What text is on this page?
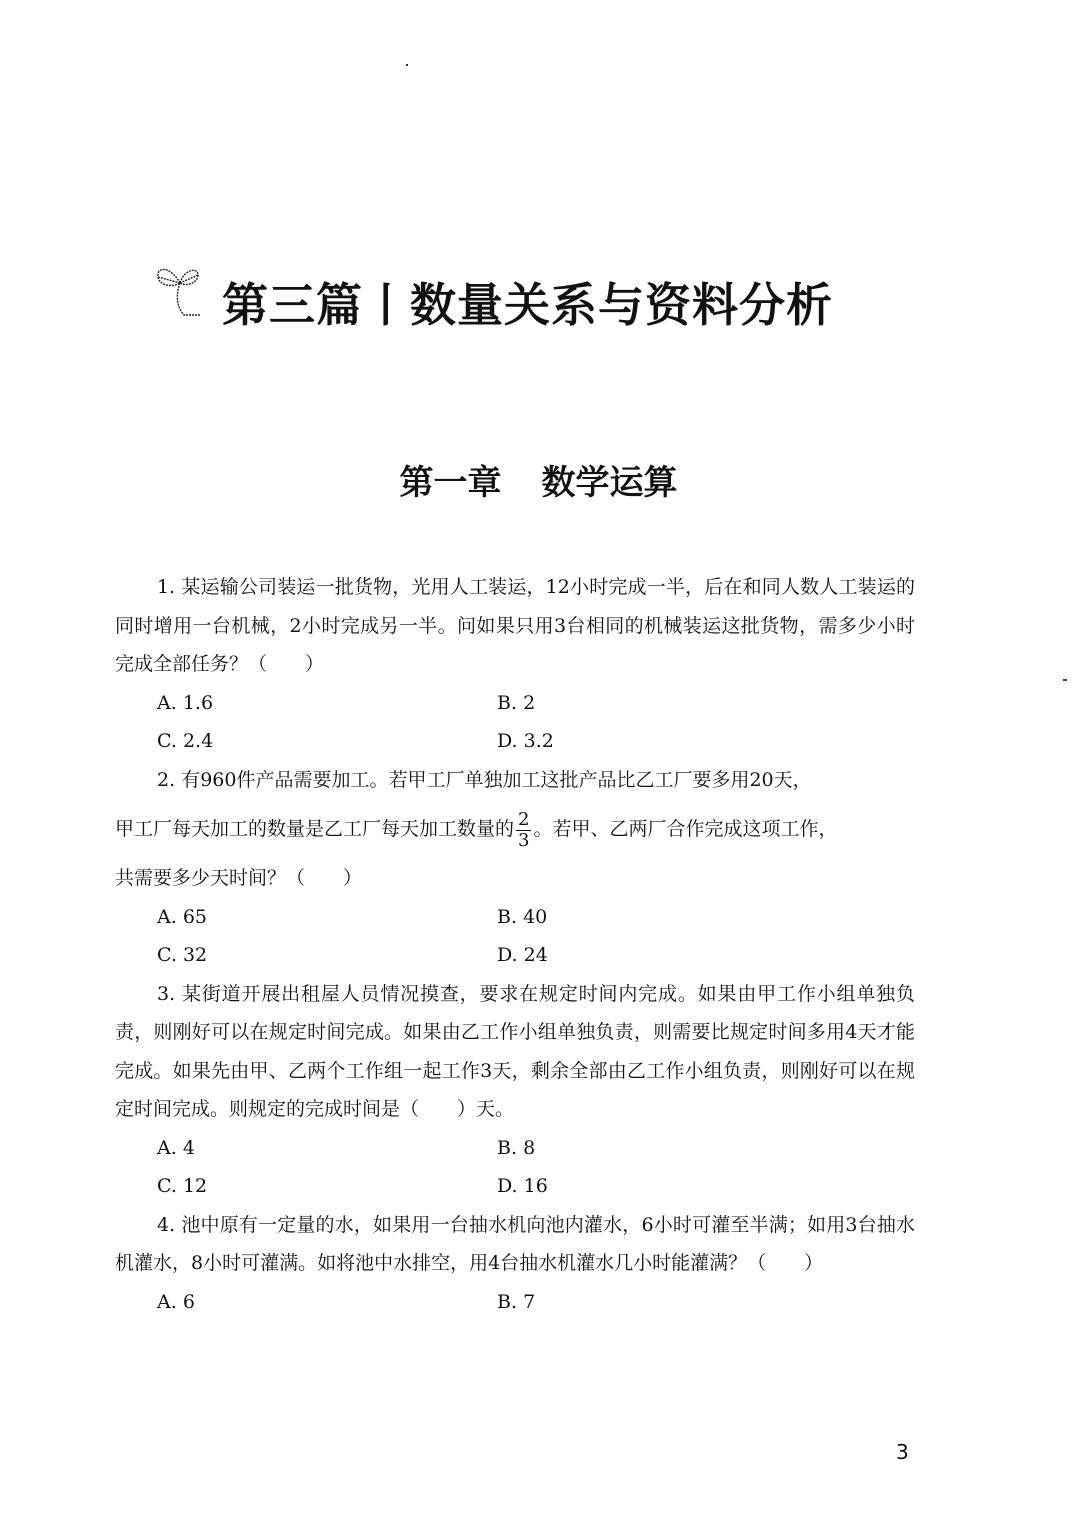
第三篇丨数量关系与资料分析
第一章 数学运算

1. 某运输公司装运一批货物，光用人工装运，12小时完成一半，后在和同人数人工装运的同时增用一台机械，2小时完成另一半。问如果只用3台相同的机械装运这批货物，需多少小时完成全部任务？（　　）

A. 1.6	B. 2
C. 2.4	D. 3.2

2. 有960件产品需要加工。若甲工厂单独加工这批产品比乙工厂要多用20天，

甲工厂每天加工的数量是乙工厂每天加工数量的 $\frac{2}{3}$ 。若甲、乙两厂合作完成这项工作，

共需要多少天时间？（　　）

A. 65	B. 40
C. 32	D. 24

3. 某街道开展出租屋人员情况摸查，要求在规定时间内完成。如果由甲工作小组单独负责，则刚好可以在规定时间完成。如果由乙工作小组单独负责，则需要比规定时间多用4天才能完成。如果先由甲、乙两个工作组一起工作3天，剩余全部由乙工作小组负责，则刚好可以在规定时间完成。则规定的完成时间是（　　）天。

A. 4	B. 8
C. 12	D. 16

4. 池中原有一定量的水，如果用一台抽水机向池内灌水，6小时可灌至半满；如用3台抽水机灌水，8小时可灌满。如将池中水排空，用4台抽水机灌水几小时能灌满？（　　）

A. 6	B. 7
3
